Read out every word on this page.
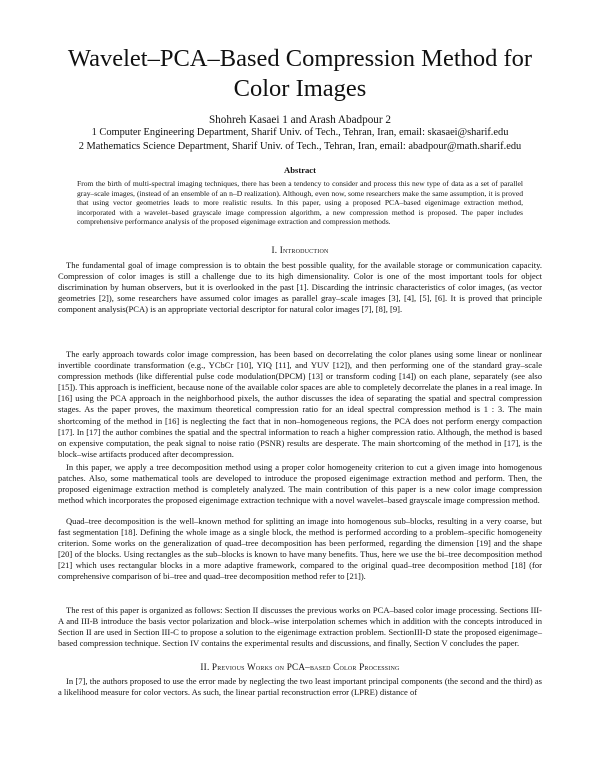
Wavelet–PCA–Based Compression Method for Color Images
Shohreh Kasaei 1 and Arash Abadpour 2
1 Computer Engineering Department, Sharif Univ. of Tech., Tehran, Iran, email: skasaei@sharif.edu
2 Mathematics Science Department, Sharif Univ. of Tech., Tehran, Iran, email: abadpour@math.sharif.edu
Abstract
From the birth of multi-spectral imaging techniques, there has been a tendency to consider and process this new type of data as a set of parallel gray–scale images, (instead of an ensemble of an n–D realization). Although, even now, some researchers make the same assumption, it is proved that using vector geometries leads to more realistic results. In this paper, using a proposed PCA–based eigenimage extraction method, incorporated with a wavelet–based grayscale image compression algorithm, a new compression method is proposed. The paper includes comprehensive performance analysis of the proposed eigenimage extraction and compression methods.
I. Introduction

The fundamental goal of image compression is to obtain the best possible quality, for the available storage or communication capacity. Compression of color images is still a challenge due to its high dimensionality. Color is one of the most important tools for object discrimination by human observers, but it is overlooked in the past [1]. Discarding the intrinsic characteristics of color images, (as vector geometries [2]), some researchers have assumed color images as parallel gray–scale images [3], [4], [5], [6]. It is proved that principle component analysis(PCA) is an appropriate vectorial descriptor for natural color images [7], [8], [9].

The early approach towards color image compression, has been based on decorrelating the color planes using some linear or nonlinear invertible coordinate transformation (e.g., YCbCr [10], YIQ [11], and YUV [12]), and then performing one of the standard gray–scale compression methods (like differential pulse code modulation(DPCM) [13] or transform coding [14]) on each plane, separately (see also [15]). This approach is inefficient, because none of the available color spaces are able to completely decorrelate the planes in a real image. In [16] using the PCA approach in the neighborhood pixels, the author discusses the idea of separating the spatial and spectral compression stages. As the paper proves, the maximum theoretical compression ratio for an ideal spectral compression method is 1 : 3. The main shortcoming of the method in [16] is neglecting the fact that in non–homogeneous regions, the PCA does not perform energy compaction [17]. In [17] the author combines the spatial and the spectral information to reach a higher compression ratio. Although, the method is based on expensive computation, the peak signal to noise ratio (PSNR) results are desperate. The main shortcoming of the method in [17], is the block–wise artifacts produced after decompression.

In this paper, we apply a tree decomposition method using a proper color homogeneity criterion to cut a given image into homogenous patches. Also, some mathematical tools are developed to introduce the proposed eigenimage extraction method and perform. Then, the proposed eigenimage extraction method is completely analyzed. The main contribution of this paper is a new color image compression method which incorporates the proposed eigenimage extraction technique with a novel wavelet–based grayscale image compression method.

Quad–tree decomposition is the well–known method for splitting an image into homogenous sub–blocks, resulting in a very coarse, but fast segmentation [18]. Defining the whole image as a single block, the method is performed according to a problem–specific homogeneity criterion. Some works on the generalization of quad–tree decomposition has been performed, regarding the dimension [19] and the shape [20] of the blocks. Using rectangles as the sub–blocks is known to have many benefits. Thus, here we use the bi–tree decomposition method [21] which uses rectangular blocks in a more adaptive framework, compared to the original quad–tree decomposition method [18] (for comprehensive comparison of bi–tree and quad–tree decomposition method refer to [21]).

The rest of this paper is organized as follows: Section II discusses the previous works on PCA–based color image processing. Sections III-A and III-B introduce the basis vector polarization and block–wise interpolation schemes which in addition with the concepts introduced in Section II are used in Section III-C to propose a solution to the eigenimage extraction problem. SectionIII-D state the proposed eigenimage–based compression technique. Section IV contains the experimental results and discussions, and finally, Section V concludes the paper.

II. Previous Works on PCA–based Color Processing

In [7], the authors proposed to use the error made by neglecting the two least important principal components (the second and the third) as a likelihood measure for color vectors. As such, the linear partial reconstruction error (LPRE) distance of
